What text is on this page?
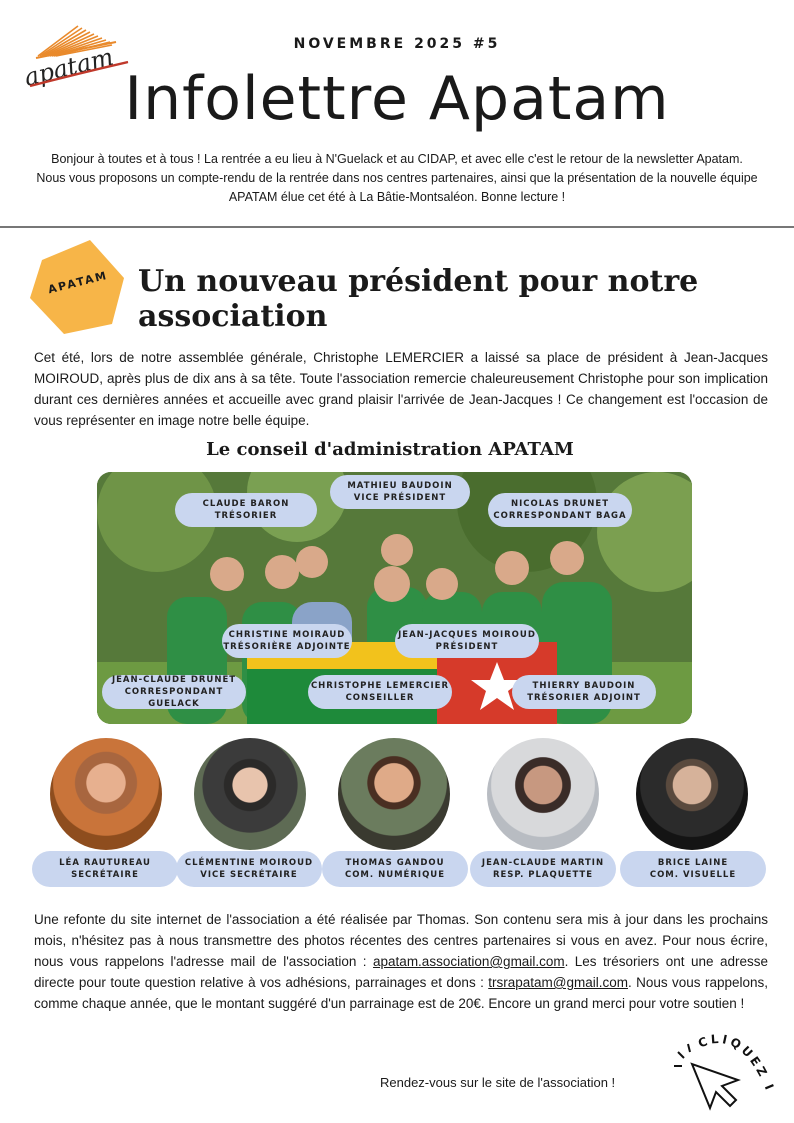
apatam	NOVEMBRE 2025 #5
Infolettre Apatam

Bonjour à toutes et à tous ! La rentrée a eu lieu à N'Guelack et au CIDAP, et avec elle c'est le retour de la newsletter Apatam. Nous vous proposons un compte-rendu de la rentrée dans nos centres partenaires, ainsi que la présentation de la nouvelle équipe APATAM élue cet été à La Bâtie-Montsaléon. Bonne lecture !

APATAM Un nouveau président pour notre association

Cet été, lors de notre assemblée générale, Christophe LEMERCIER a laissé sa place de président à Jean-Jacques MOIROUD, après plus de dix ans à sa tête. Toute l'association remercie chaleureusement Christophe pour son implication durant ces dernières années et accueille avec grand plaisir l'arrivée de Jean-Jacques ! Ce changement est l'occasion de vous représenter en image notre belle équipe.

Le conseil d'administration APATAM
CLAUDE BARON
TRÉSORIER
MATHIEU BAUDOIN
VICE PRÉSIDENT
NICOLAS DRUNET
CORRESPONDANT BAGA
CHRISTINE MOIRAUD
TRÉSORIÈRE ADJOINTE
JEAN-JACQUES MOIROUD
PRÉSIDENT
JEAN-CLAUDE DRUNET
CORRESPONDANT GUELACK
CHRISTOPHE LEMERCIER
CONSEILLER
THIERRY BAUDOIN
TRÉSORIER ADJOINT
LÉA RAUTUREAU
SECRÉTAIRE
CLÉMENTINE MOIROUD
VICE SECRÉTAIRE
THOMAS GANDOU
COM. NUMÉRIQUE
JEAN-CLAUDE MARTIN
RESP. PLAQUETTE
BRICE LAINE
COM. VISUELLE

Une refonte du site internet de l'association a été réalisée par Thomas. Son contenu sera mis à jour dans les prochains mois, n'hésitez pas à nous transmettre des photos récentes des centres partenaires si vous en avez. Pour nous écrire, nous vous rappelons l'adresse mail de l'association : apatam.association@gmail.com. Les trésoriers ont une adresse directe pour toute question relative à vos adhésions, parrainages et dons : trsrapatam@gmail.com. Nous vous rappelons, comme chaque année, que le montant suggéré d'un parrainage est de 20€. Encore un grand merci pour votre soutien !

Rendez-vous sur le site de l'association !
CLIQUEZ I
